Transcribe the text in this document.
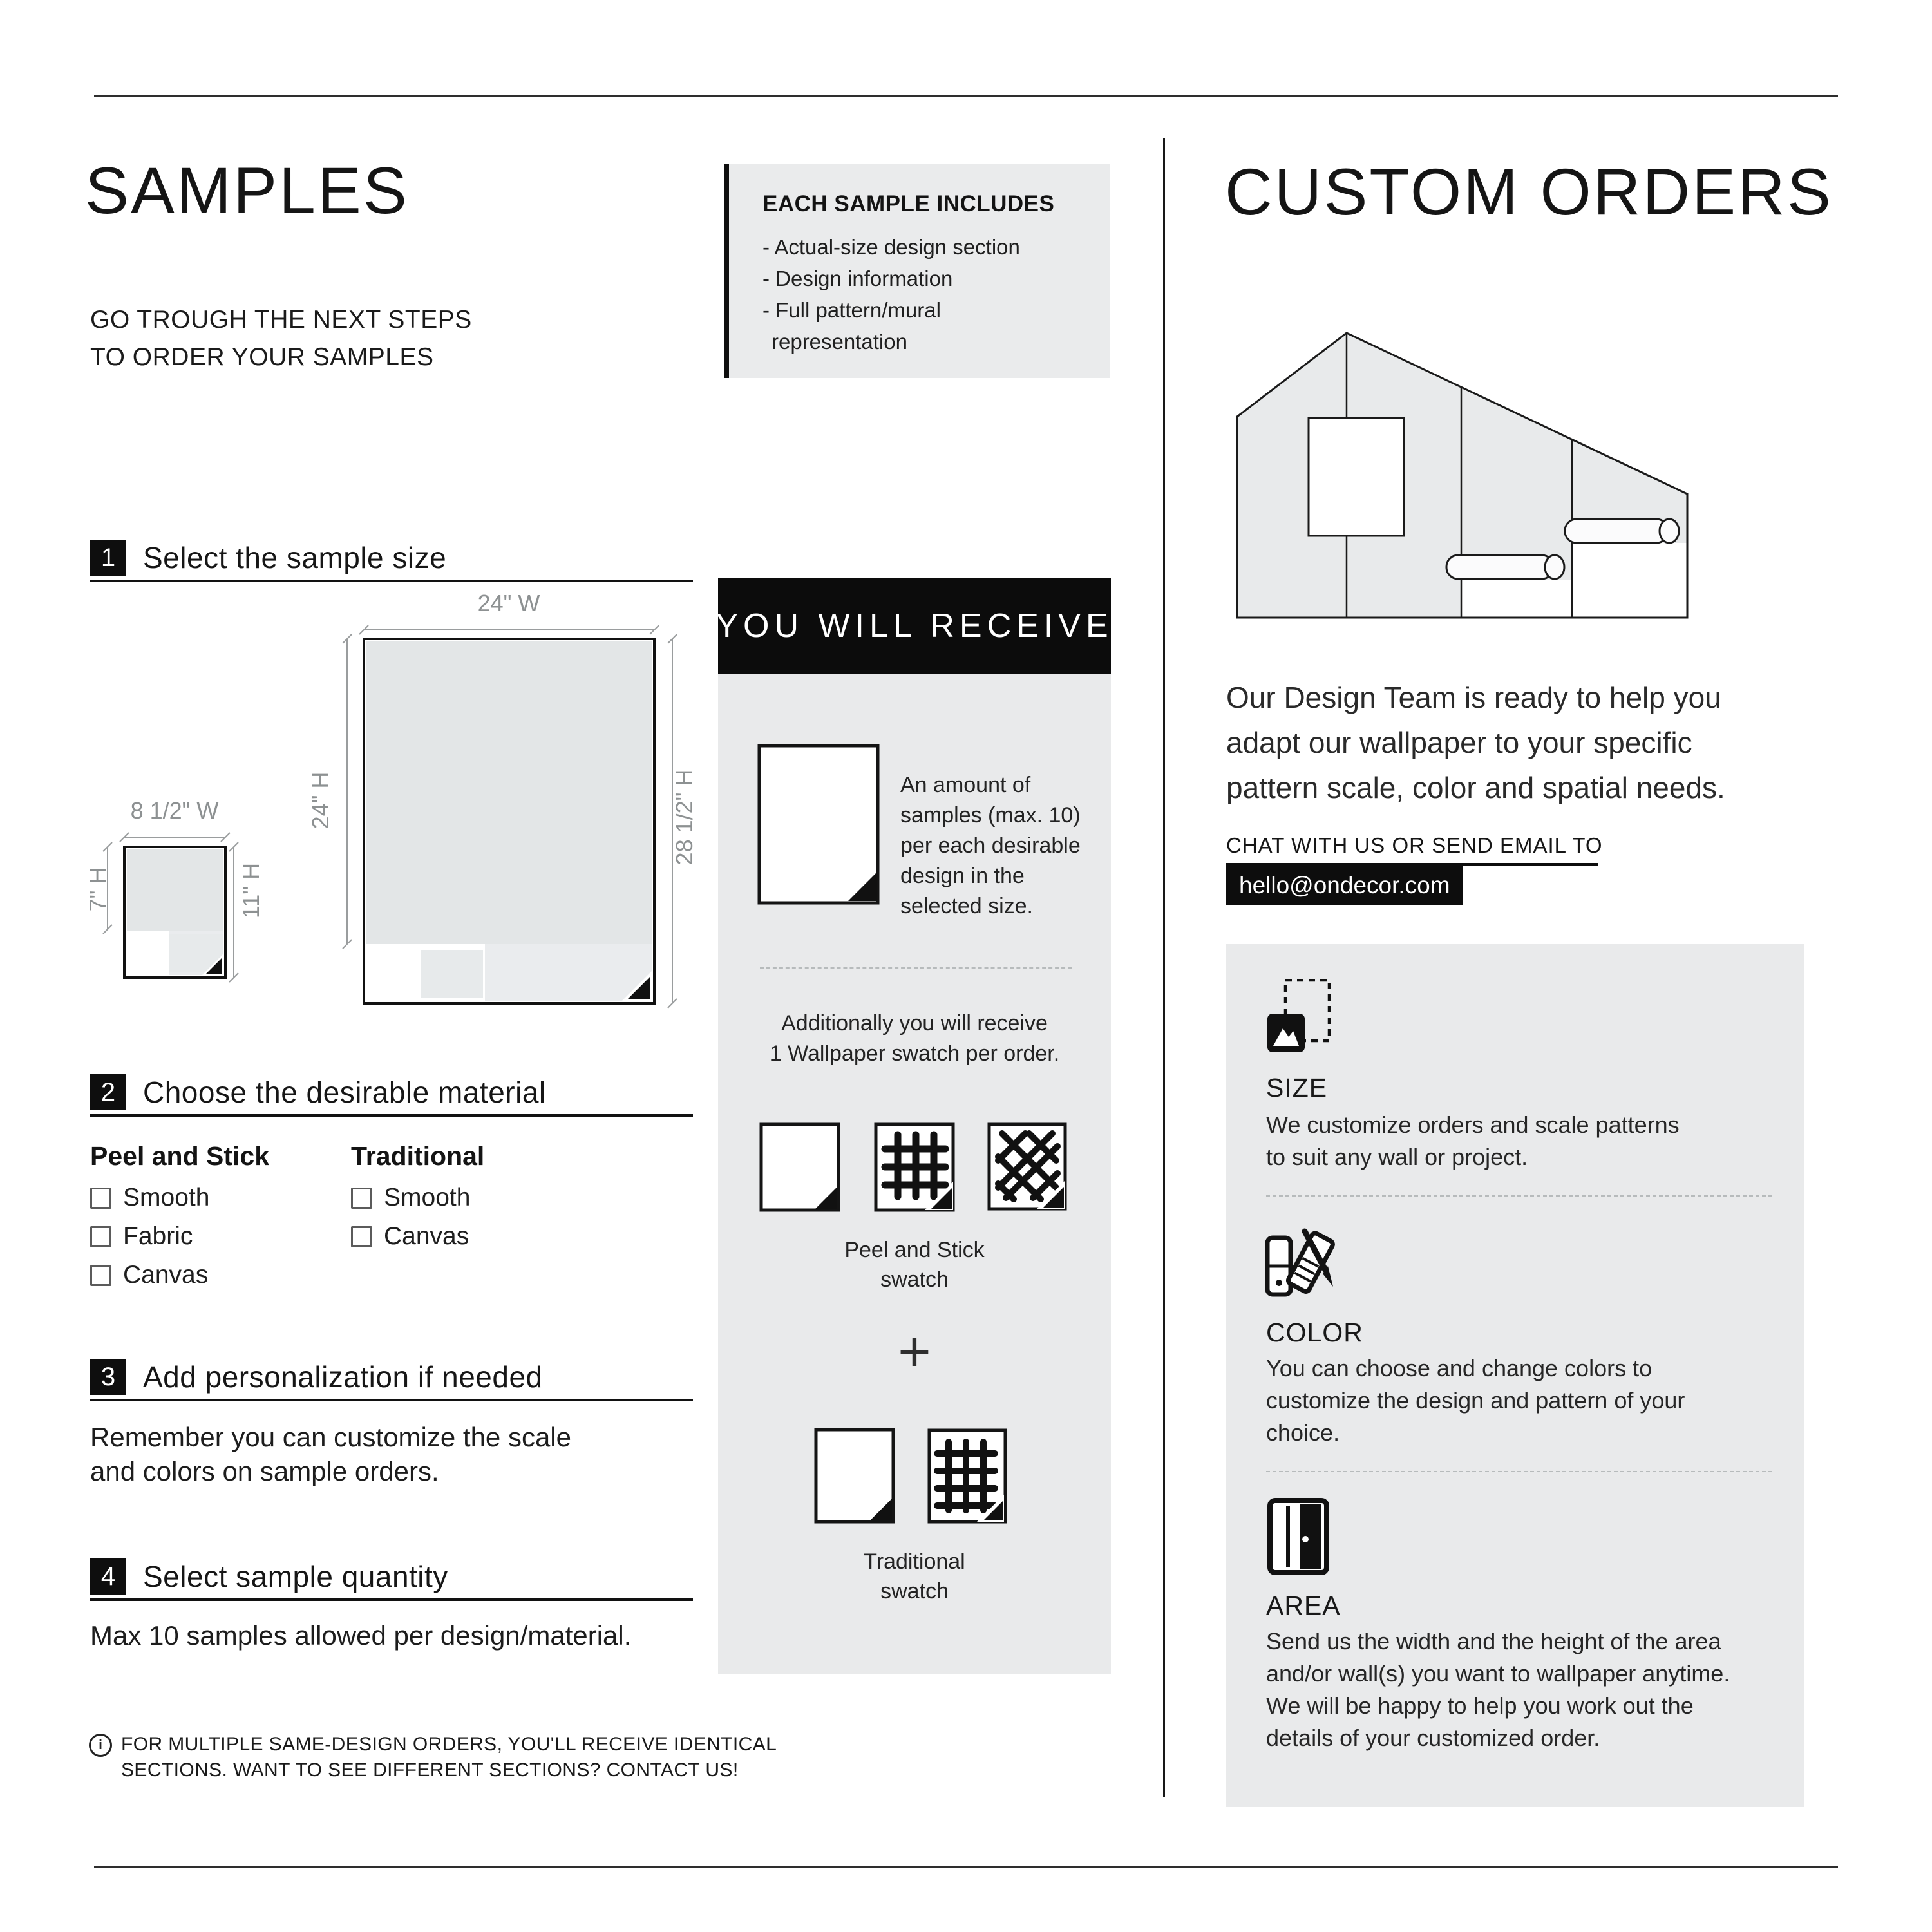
SAMPLES
GO TROUGH THE NEXT STEPS
TO ORDER YOUR SAMPLES
1 Select the sample size
24" W
8 1/2" W	24" H	28 1/2" H
7" H	11" H
2 Choose the desirable material
Peel and Stick	Traditional
Smooth
Fabric
Canvas
Smooth
Canvas
3 Add personalization if needed
Remember you can customize the scale
and colors on sample orders.
4 Select sample quantity
Max 10 samples allowed per design/material.
i FOR MULTIPLE SAME-DESIGN ORDERS, YOU'LL RECEIVE IDENTICAL
SECTIONS. WANT TO SEE DIFFERENT SECTIONS? CONTACT US!
EACH SAMPLE INCLUDES
- Actual-size design section
- Design information
- Full pattern/mural
representation
YOU WILL RECEIVE
An amount of
samples (max. 10)
per each desirable
design in the
selected size.
Additionally you will receive
1 Wallpaper swatch per order.
Peel and Stick
swatch
+
Traditional
swatch
CUSTOM ORDERS
Our Design Team is ready to help you
adapt our wallpaper to your specific
pattern scale, color and spatial needs.
CHAT WITH US OR SEND EMAIL TO
hello@ondecor.com
SIZE
We customize orders and scale patterns
to suit any wall or project.
COLOR
You can choose and change colors to
customize the design and pattern of your
choice.
AREA
Send us the width and the height of the area
and/or wall(s) you want to wallpaper anytime.
We will be happy to help you work out the
details of your customized order.
